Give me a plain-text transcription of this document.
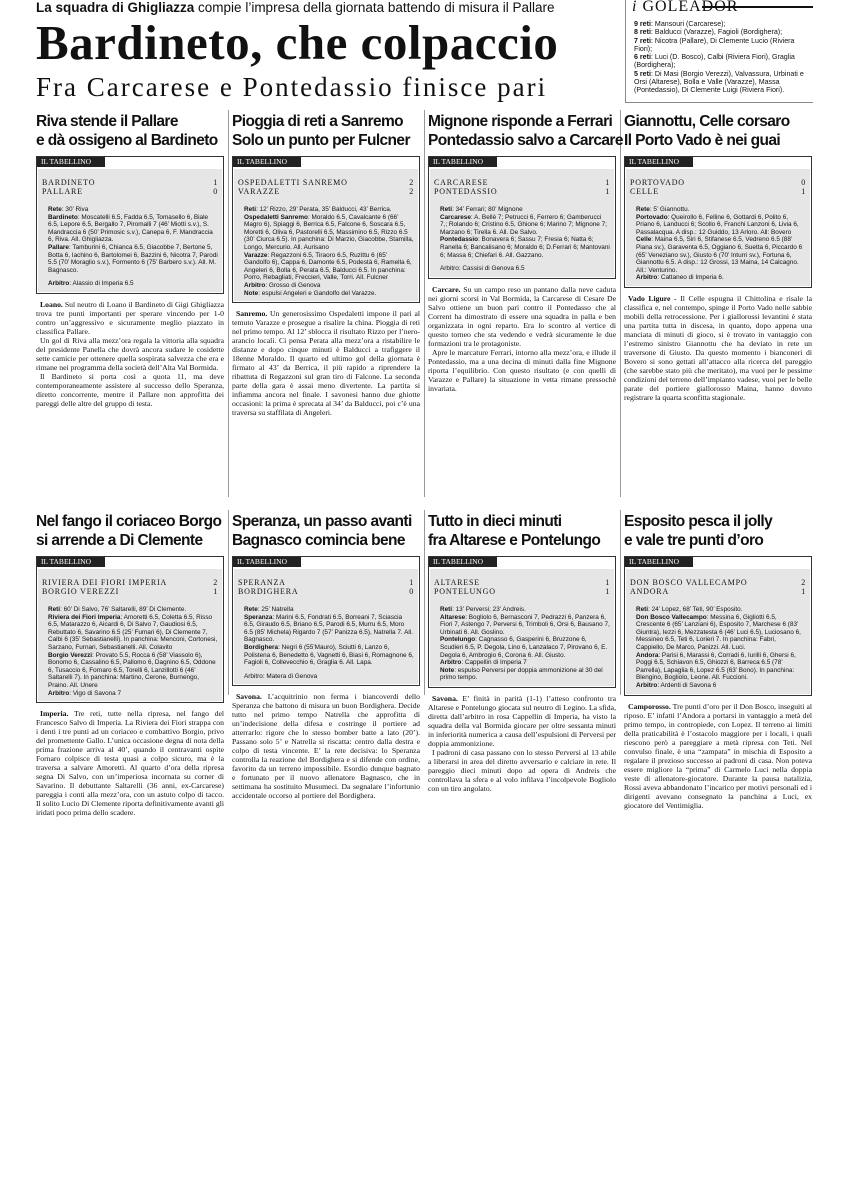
La squadra di Ghigliazza compie l’impresa della giornata battendo di misura il Pallare
Bardineto, che colpaccio
Fra Carcarese e Pontedassio finisce pari
i GOLEADOR

9 reti: Mansouri (Carcarese);

8 reti: Balducci (Varazze), Fagioli (Bordighera);

7 reti: Nicotra (Pallare), Di Clemente Lucio (Riviera Fiori);

6 reti: Luci (D. Bosco), Calbi (Riviera Fiori), Graglia (Bordighera);

5 reti: Di Masi (Borgio Verezzi), Valvassura, Urbinati e Orsi (Altarese), Bolla e Valle (Varazze), Massa (Pontedassio), Di Clemente Luigi (Riviera Fiori).

Riva stende il Pallare
e dà ossigeno al Bardineto
IL TABELLINO
BARDINETO
PALLARE
1
0

Rete: 30’ Riva

Bardineto: Moscatelli 6.5, Fadda 6.5, Tomasello 6, Biale 6.5, Lepore 6.5, Bergallo 7, Piromalli 7 (46’ Miotti s.v.), S. Mandraccia 6 (50’ Primosic s.v.), Canepa 6, F. Mandraccia 6, Riva. All. Ghigliazza.

Pallare: Tamburini 6, Chianca 6.5, Giacobbe 7, Bertone 5, Botta 6, Iachino 6, Bartolomei 6, Bazzini 6, Nicotra 7, Parodi 5.5 (70’ Moraglio s.v.), Formento 6 (75’ Barbero s.v.). All. M. Bagnasco.

Arbitro: Alassio di Imperia 6.5

Loano. Sul neutro di Loano il Bardineto di Gigi Ghigliazza trova tre punti importanti per sperare vincendo per 1-0 contro un’aggressivo e sicuramente meglio piazzato in classifica Pallare.

Un gol di Riva alla mezz’ora regala la vittoria alla squadra del presidente Panella che dovrà ancora sudare le cosidette sette camicie per ottenere quella sospirata salvezza che era e rimane nei programma della società dell’Alta Val Bormida.

Il Bardineto si porta così a quota 11, ma deve contemporaneamente assistere al successo dello Speranza, diretto concorrente, mentre il Pallare non approfitta dei pareggi delle altre del gruppo di testa.

Pioggia di reti a Sanremo
Solo un punto per Fulcner
IL TABELLINO
OSPEDALETTI SANREMO
VARAZZE
2
2

Reti: 12’ Rizzo, 29’ Perata, 35’ Balducci, 43’ Berrica.

Ospedaletti Sanremo: Moraldo 6.5, Cavalcante 6 (66’ Magro 6), Spiaggi 6, Berrica 6.5, Falcone 6, Soscara 6.5, Moretti 6, Oliva 6, Pastorelli 6.5, Massimino 6.5, Rizzo 6.5 (30’ Ciurca 6.5). In panchina: Di Marzio, Giacobbe, Stamilla, Longo, Mercurio. All. Aurisano

Varazze: Regazzoni 6.5, Tiraoro 6.5, Ruzittu 6 (65’ Gandolfo 6), Cappa 6, Damonte 6.5, Podestà 6, Ramella 6, Angeleri 6, Bolla 6, Perata 6.5, Balducci 6.5. In panchina: Porro, Rebagliati, Freccieri, Valle, Torri. All. Fulcner

Arbitro: Grosso di Genova

Note: espulsi Angeleri e Gandolfo del Varazze.

Sanremo. Un generosissimo Ospedaletti impone il pari al temuto Varazze e prosegue a risalire la china. Pioggia di reti nel primo tempo. Al 12’ sblocca il risultato Rizzo per l’nero-arancio locali. Ci pensa Perata alla mezz’ora a ristabilire le distanze e dopo cinque minuti è Balducci a trafiggere il 18enne Moraldo. Il quarto ed ultimo gol della giornata è firmato al 43’ da Berrica, il più rapido a riprendere la ribattuta di Regazzoni sul gran tiro di Falcone. La seconda parte della gara è assai meno divertente. La partita si infiamma ancora nel finale. I savonesi hanno due ghiotte occasioni: la prima è sprecata al 34’ da Balducci, poi c’è una traversa su staffilata di Angeleri.

Mignone risponde a Ferrari
Pontedassio salvo a Carcare
IL TABELLINO
CARCARESE
PONTEDASSIO
1
1

Reti: 34’ Ferrari; 80’ Mignone

Carcarese: A. Bellè 7; Petrucci 6, Ferrero 6; Gamberucci 7,; Rolando 6; Cristino 6.5, Ghione 6; Marino 7; Mignone 7; Marzano 6; Tirella 6. All. De Salvo.

Pontedassio: Bonavera 6; Sassu 7; Fresia 6; Natta 6; Ranella 6; Bancalisano 6; Moraldo 6; D.Ferrari 6; Mantovani 6; Massa 6; Chiefari 6. All. Gazzano.

Arbitro: Cassisi di Genova 6.5

Carcare. Su un campo reso un pantano dalla neve caduta nei giorni scorsi in Val Bormida, la Carcarese di Cesare De Salvo ottiene un buon pari contro il Pontedasso che al Corrent ha dimostrato di essere una squadra in palla e ben organizzata in ogni reparto. Era lo scontro al vertice di questo torneo che sta vedendo e vedrà sicuramente le due formazioni tra le protagoniste.

Apre le marcature Ferrari, intorno alla mezz’ora, e illude il Pontedassio, ma a una decina di minuti dalla fine Mignone riporta l’equilibrio. Con questo risultato (e con quelli di Varazze e Pallare) la situazione in vetta rimane pressochè invariata.

Giannottu, Celle corsaro
Il Porto Vado è nei guai
IL TABELLINO
PORTOVADO
CELLE
0
1

Rete: 5’ Giannottu.

Portovado: Queirollo 6, Felline 6, Gottardi 6, Polito 6, Priano 6, Landucci 6; Scollo 6, Franchi Lanzoni 6, Livia 6, Passalacqua. A disp.: 12 Guiddo, 13 Arloro. All: Bovero

Celle: Maina 6.5, Siri 6, Stifanese 6.5, Vedreno 6.5 (88’ Piana sv.), Garaventa 6.5, Oggiano 6, Suetta 6, Piccardo 6 (65’ Veneziano sv.), Giusto 6 (70’ Inturri sv.), Fortuna 6, Giannottu 6.5. A disp.: 12 Grossi, 13 Maina, 14 Calcagno. All.: Venturino.

Arbitro: Cattaneo di Imperia 6.

Vado Ligure - Il Celle espugna il Chittolina e risale la classifica e, nel contempo, spinge il Porto Vado nelle sabbie mobili della retrocessione. Per i giallorossi levantini è stata una partita tutta in discesa, in quanto, dopo appena una manciata di minuti di gioco, si è trovato in vantaggio con l’estremo sinistro Giannottu che ha deviato in rete un traversone di Giusto. Da questo momento i bianconeri di Bovero si sono gettati all’attacco alla ricerca del pareggio (che sarebbe stato più che meritato), ma vuoi per le pessime condizioni del terreno dell’impianto vadese, vuoi per le belle parate del portiere giallorosso Maina, hanno dovuto registrare la quarta sconfitta stagionale.

Nel fango il coriaceo Borgo
si arrende a Di Clemente
IL TABELLINO
RIVIERA DEI FIORI IMPERIA
BORGIO VEREZZI
2
1

Reti: 60’ Di Salvo, 76’ Saltarelli, 89’ Di Clemente.

Riviera dei Fiori Imperia: Amoretti 6.5, Coletta 6.5, Risso 6.5, Matarazzo 6, Aicardi 6, Di Salvo 7, Gaudiosi 6.5, Rebuttato 6, Savarino 6.5 (25’ Fumari 6), Di Clemente 7, Calbi 6 (35’ Sebastianelli). In panchina: Menconi, Cortonesi, Sarzano, Furnari, Sebastianelli. All. Colavito

Borgio Verezzi: Provato 5.5, Rocca 6 (58’ Viassolo 6), Bonomo 6, Cassalino 6.5, Pallomo 6, Dagnino 6.5, Oddone 6, Tusaccio 6, Fornaro 6.5, Torelli 6, Lanzillotti 6 (46’ Saltarelli 7). In panchina: Martino, Cerone, Burnengo, Praino. All. Unere

Arbitro: Vigo di Savona 7

Imperia. Tre reti, tutte nella ripresa, nel fango del Francesco Salvo di Imperia. La Riviera dei Fiori strappa con i denti i tre punti ad un coriaceo e combattivo Borgio, privo del promettente Gallo. L’unica occasione degna di nota della prima frazione arriva al 40’, quando il centravanti ospite Fornaro colpisce di testa quasi a colpo sicuro, ma è la traversa a salvare Amoretti. Al quarto d’ora della ripresa segna Di Salvo, con un’imperiosa incornata su corner di Savarino. Il debuttante Saltarelli (36 anni, ex-Carcarese) pareggia i conti alla mezz’ora, con un astuto colpo di tacco. Il solito Lucio Di Clemente riporta definitivamente avanti gli iridati poco prima dello scadere.

Speranza, un passo avanti
Bagnasco comincia bene
IL TABELLINO
SPERANZA
BORDIGHERA
1
0

Rete: 25’ Natrella

Speranza: Marini 6.5, Fondrati 6.5, Borreani 7, Sciascia 6.5, Giraudo 6.5, Briano 6.5, Parodi 6.5, Murru 6.5, Moro 6.5 (85’ Michela) Rigardo 7 (57’ Panizza 6.5), Natrella 7. All. Bagnasco.

Bordighera: Negri 6 (55’Mauro), Sciutti 6, Lanzo 6, Polistena 6, Benedetto 6, Vagnetti 6, Biasi 6, Romagnone 6, Fagioli 6, Collevecchio 6, Graglia 6. All. Lapa.

Arbitro: Matera di Genova

Savona. L’acquitrinio non ferma i biancoverdi dello Speranza che battono di misura un buon Bordighera. Decide tutto nel primo tempo Natrella che approfitta di un’indecisione della difesa e costringe il portiere ad atterrarlo: rigore che lo stesso bomber batte a lato (20’). Passano solo 5’ e Natrella si riscatta: centro dalla destra e colpo di testa vincente. E’ la rete decisiva: lo Speranza controlla la reazione del Bordighera e si difende con ordine, favorito da un terreno impossibile. Esordio dunque bagnato e fortunato per il nuovo allenatore Bagnasco, che in settimana ha sostituito Musumeci. Da segnalare l’infortunio accidentale occorso al portiere del Bordighera.

Tutto in dieci minuti
fra Altarese e Pontelungo
IL TABELLINO
ALTARESE
PONTELUNGO
1
1

Reti: 13’ Perversi; 23’ Andreis.

Altarese: Bogliolo 6, Bernasconi 7, Pedrazzi 6, Panzera 6, Fiori 7, Astengo 7, Perversi 6, Trimboli 6, Orsi 6, Bausano 7, Urbinati 6. All. Goslino.

Pontelungo: Cagnasso 6, Gasperini 6, Bruzzone 6, Scudieri 6.5, P. Degola, Lino 6, Lanzalaco 7, Pirovano 6, E. Degola 6, Ambrogio 6, Corona 6. All. Giusto.

Arbitro: Cappellin di Imperia 7

Note: espulso Perversi per doppia ammonizione al 30 del primo tempo.

Savona. E’ finità in parità (1-1) l’atteso confronto tra Altarese e Pontelungo giocata sul neutro di Legino. La sfida, diretta dall’arbitro in rosa Cappellin di Imperia, ha visto la squadra della val Bormida giocare per oltre sessanta minuti in inferiorità numerica a causa dell’espulsioni di Perversi per doppia ammonizione.

I padroni di casa passano con lo stesso Perversi al 13 abile a liberarsi in area del diretto avversario e calciare in rete. Il pareggio dieci minuti dopo ad opera di Andreis che controllava la sfera e al volo infilava l’incolpevole Bogliolo con un tiro angolato.

Esposito pesca il jolly
e vale tre punti d’oro
IL TABELLINO
DON BOSCO VALLECAMPO
ANDORA
2
1

Reti: 24’ Lopez, 68’ Teti, 90’ Esposito.

Don Bosco Vallecampo: Messina 6, Gigliotti 6.5, Crescente 6 (65’ Lanziani 6), Esposito 7, Marchese 6 (83’ Giuntra), Iezzi 6, Mezzatesta 6 (46’ Luci 6.5), Luciosano 6, Messineo 6.5, Teti 6, Lorieri 7. In panchina: Fabri, Cappiello, De Marco, Panizzi. All. Luci.

Andora: Parisi 6, Marassi 6, Corradi 6, Iurilli 6, Ghersi 6, Poggi 6.5, Schiavon 6.5, Ghiozzi 6, Barreca 6.5 (78’ Parrella), Lapaglia 6, Lopez 6.5 (63’ Bono). In panchina: Blengino, Bogliolo, Leone. All. Fuccioni.

Arbitro: Ardenti di Savona 6

Camporosso. Tre punti d’oro per il Don Bosco, inseguiti al riposo. E’ infatti l’Andora a portarsi in vantaggio a metà del primo tempo, in contropiede, con Lopez. Il terreno ai limiti della praticabilità è l’ostacolo maggiore per i locali, i quali riescono però a pareggiare a metà ripresa con Teti. Nel convulso finale, è una “zampata” in mischia di Esposito a regalare il prezioso successo ai padroni di casa. Non poteva essere migliore la “prima” di Carmelo Luci nella doppia veste di allenatore-giocatore. Durante la pausa natalizia, Rossi aveva abbandonato l’incarico per motivi personali ed i dirigenti avevano consegnato la panchina a Luci, ex giocatore del Ventimiglia.
